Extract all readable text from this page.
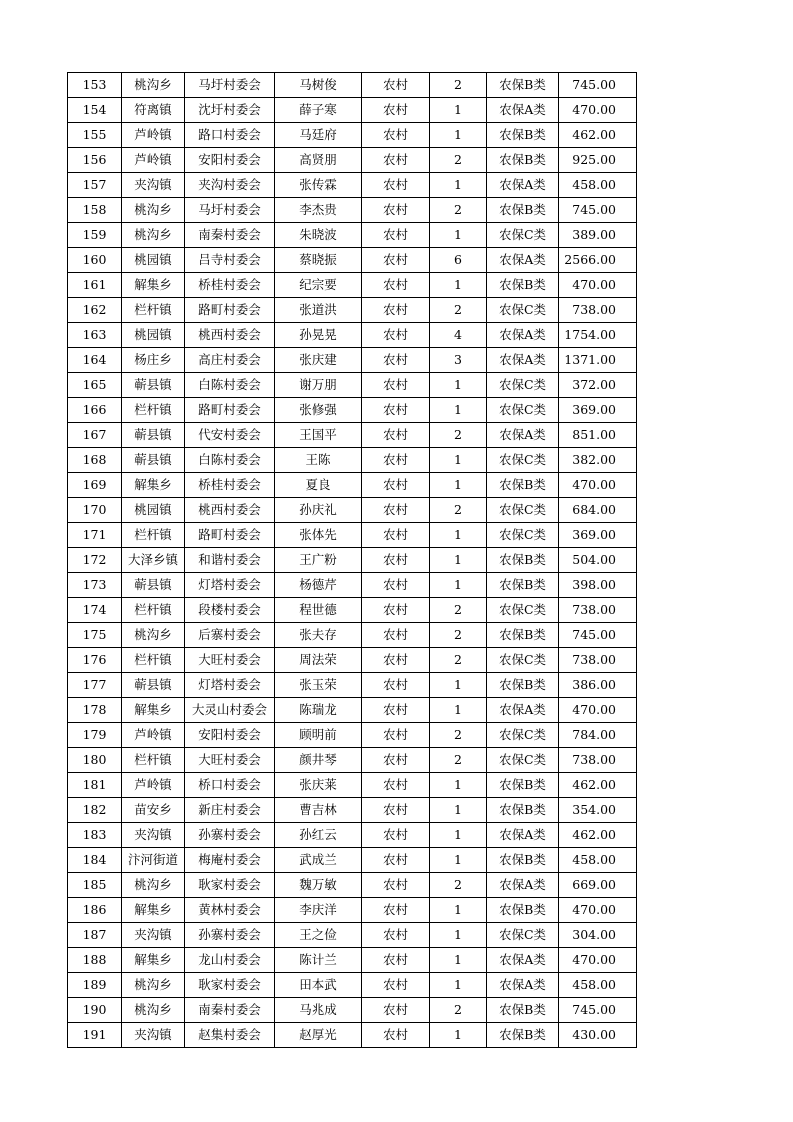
153	桃沟乡	马圩村委会	马树俊	农村	2	农保B类	745.00
154	符离镇	沈圩村委会	薛子寒	农村	1	农保A类	470.00
155	芦岭镇	路口村委会	马廷府	农村	1	农保B类	462.00
156	芦岭镇	安阳村委会	高贤朋	农村	2	农保B类	925.00
157	夹沟镇	夹沟村委会	张传霖	农村	1	农保A类	458.00
158	桃沟乡	马圩村委会	李杰贵	农村	2	农保B类	745.00
159	桃沟乡	南秦村委会	朱晓波	农村	1	农保C类	389.00
160	桃园镇	吕寺村委会	蔡晓振	农村	6	农保A类	2566.00
161	解集乡	桥桂村委会	纪宗要	农村	1	农保B类	470.00
162	栏杆镇	路町村委会	张道洪	农村	2	农保C类	738.00
163	桃园镇	桃西村委会	孙晃晃	农村	4	农保A类	1754.00
164	杨庄乡	高庄村委会	张庆建	农村	3	农保A类	1371.00
165	蕲县镇	白陈村委会	谢万朋	农村	1	农保C类	372.00
166	栏杆镇	路町村委会	张修强	农村	1	农保C类	369.00
167	蕲县镇	代安村委会	王国平	农村	2	农保A类	851.00
168	蕲县镇	白陈村委会	王陈	农村	1	农保C类	382.00
169	解集乡	桥桂村委会	夏良	农村	1	农保B类	470.00
170	桃园镇	桃西村委会	孙庆礼	农村	2	农保C类	684.00
171	栏杆镇	路町村委会	张体先	农村	1	农保C类	369.00
172	大泽乡镇	和谐村委会	王广粉	农村	1	农保B类	504.00
173	蕲县镇	灯塔村委会	杨德芹	农村	1	农保B类	398.00
174	栏杆镇	段楼村委会	程世德	农村	2	农保C类	738.00
175	桃沟乡	后寨村委会	张夫存	农村	2	农保B类	745.00
176	栏杆镇	大旺村委会	周法荣	农村	2	农保C类	738.00
177	蕲县镇	灯塔村委会	张玉荣	农村	1	农保B类	386.00
178	解集乡	大灵山村委会	陈瑞龙	农村	1	农保A类	470.00
179	芦岭镇	安阳村委会	顾明前	农村	2	农保C类	784.00
180	栏杆镇	大旺村委会	颜井琴	农村	2	农保C类	738.00
181	芦岭镇	桥口村委会	张庆莱	农村	1	农保B类	462.00
182	苗安乡	新庄村委会	曹吉林	农村	1	农保B类	354.00
183	夹沟镇	孙寨村委会	孙红云	农村	1	农保A类	462.00
184	汴河街道	梅庵村委会	武成兰	农村	1	农保B类	458.00
185	桃沟乡	耿家村委会	魏万敏	农村	2	农保A类	669.00
186	解集乡	黄林村委会	李庆洋	农村	1	农保B类	470.00
187	夹沟镇	孙寨村委会	王之俭	农村	1	农保C类	304.00
188	解集乡	龙山村委会	陈计兰	农村	1	农保A类	470.00
189	桃沟乡	耿家村委会	田本武	农村	1	农保A类	458.00
190	桃沟乡	南秦村委会	马兆成	农村	2	农保B类	745.00
191	夹沟镇	赵集村委会	赵厚光	农村	1	农保B类	430.00
